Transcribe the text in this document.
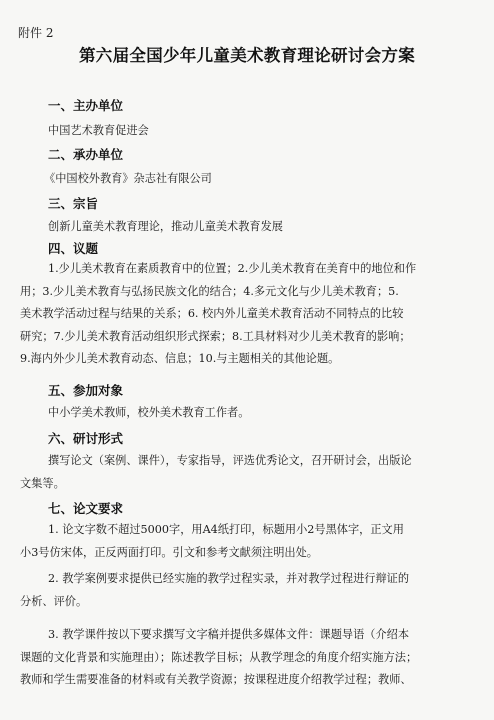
附件 2
第六届全国少年儿童美术教育理论研讨会方案
一、主办单位
中国艺术教育促进会
二、承办单位
《中国校外教育》杂志社有限公司
三、宗旨
创新儿童美术教育理论，推动儿童美术教育发展
四、议题
1.少儿美术教育在素质教育中的位置；2.少儿美术教育在美育中的地位和作
用；3.少儿美术教育与弘扬民族文化的结合；4.多元文化与少儿美术教育；5.
美术教学活动过程与结果的关系；6. 校内外儿童美术教育活动不同特点的比较
研究；7.少儿美术教育活动组织形式探索；8.工具材料对少儿美术教育的影响；
9.海内外少儿美术教育动态、信息；10.与主题相关的其他论题。
五、参加对象
中小学美术教师，校外美术教育工作者。
六、研讨形式
撰写论文（案例、课件），专家指导，评选优秀论文，召开研讨会，出版论
文集等。
七、论文要求
1. 论文字数不超过5000字，用A4纸打印，标题用小2号黑体字，正文用
小3号仿宋体，正反两面打印。引文和参考文献须注明出处。
2. 教学案例要求提供已经实施的教学过程实录，并对教学过程进行辩证的
分析、评价。
3. 教学课件按以下要求撰写文字稿并提供多媒体文件：课题导语（介绍本
课题的文化背景和实施理由）；陈述教学目标；从教学理念的角度介绍实施方法；
教师和学生需要准备的材料或有关教学资源；按课程进度介绍教学过程；教师、
